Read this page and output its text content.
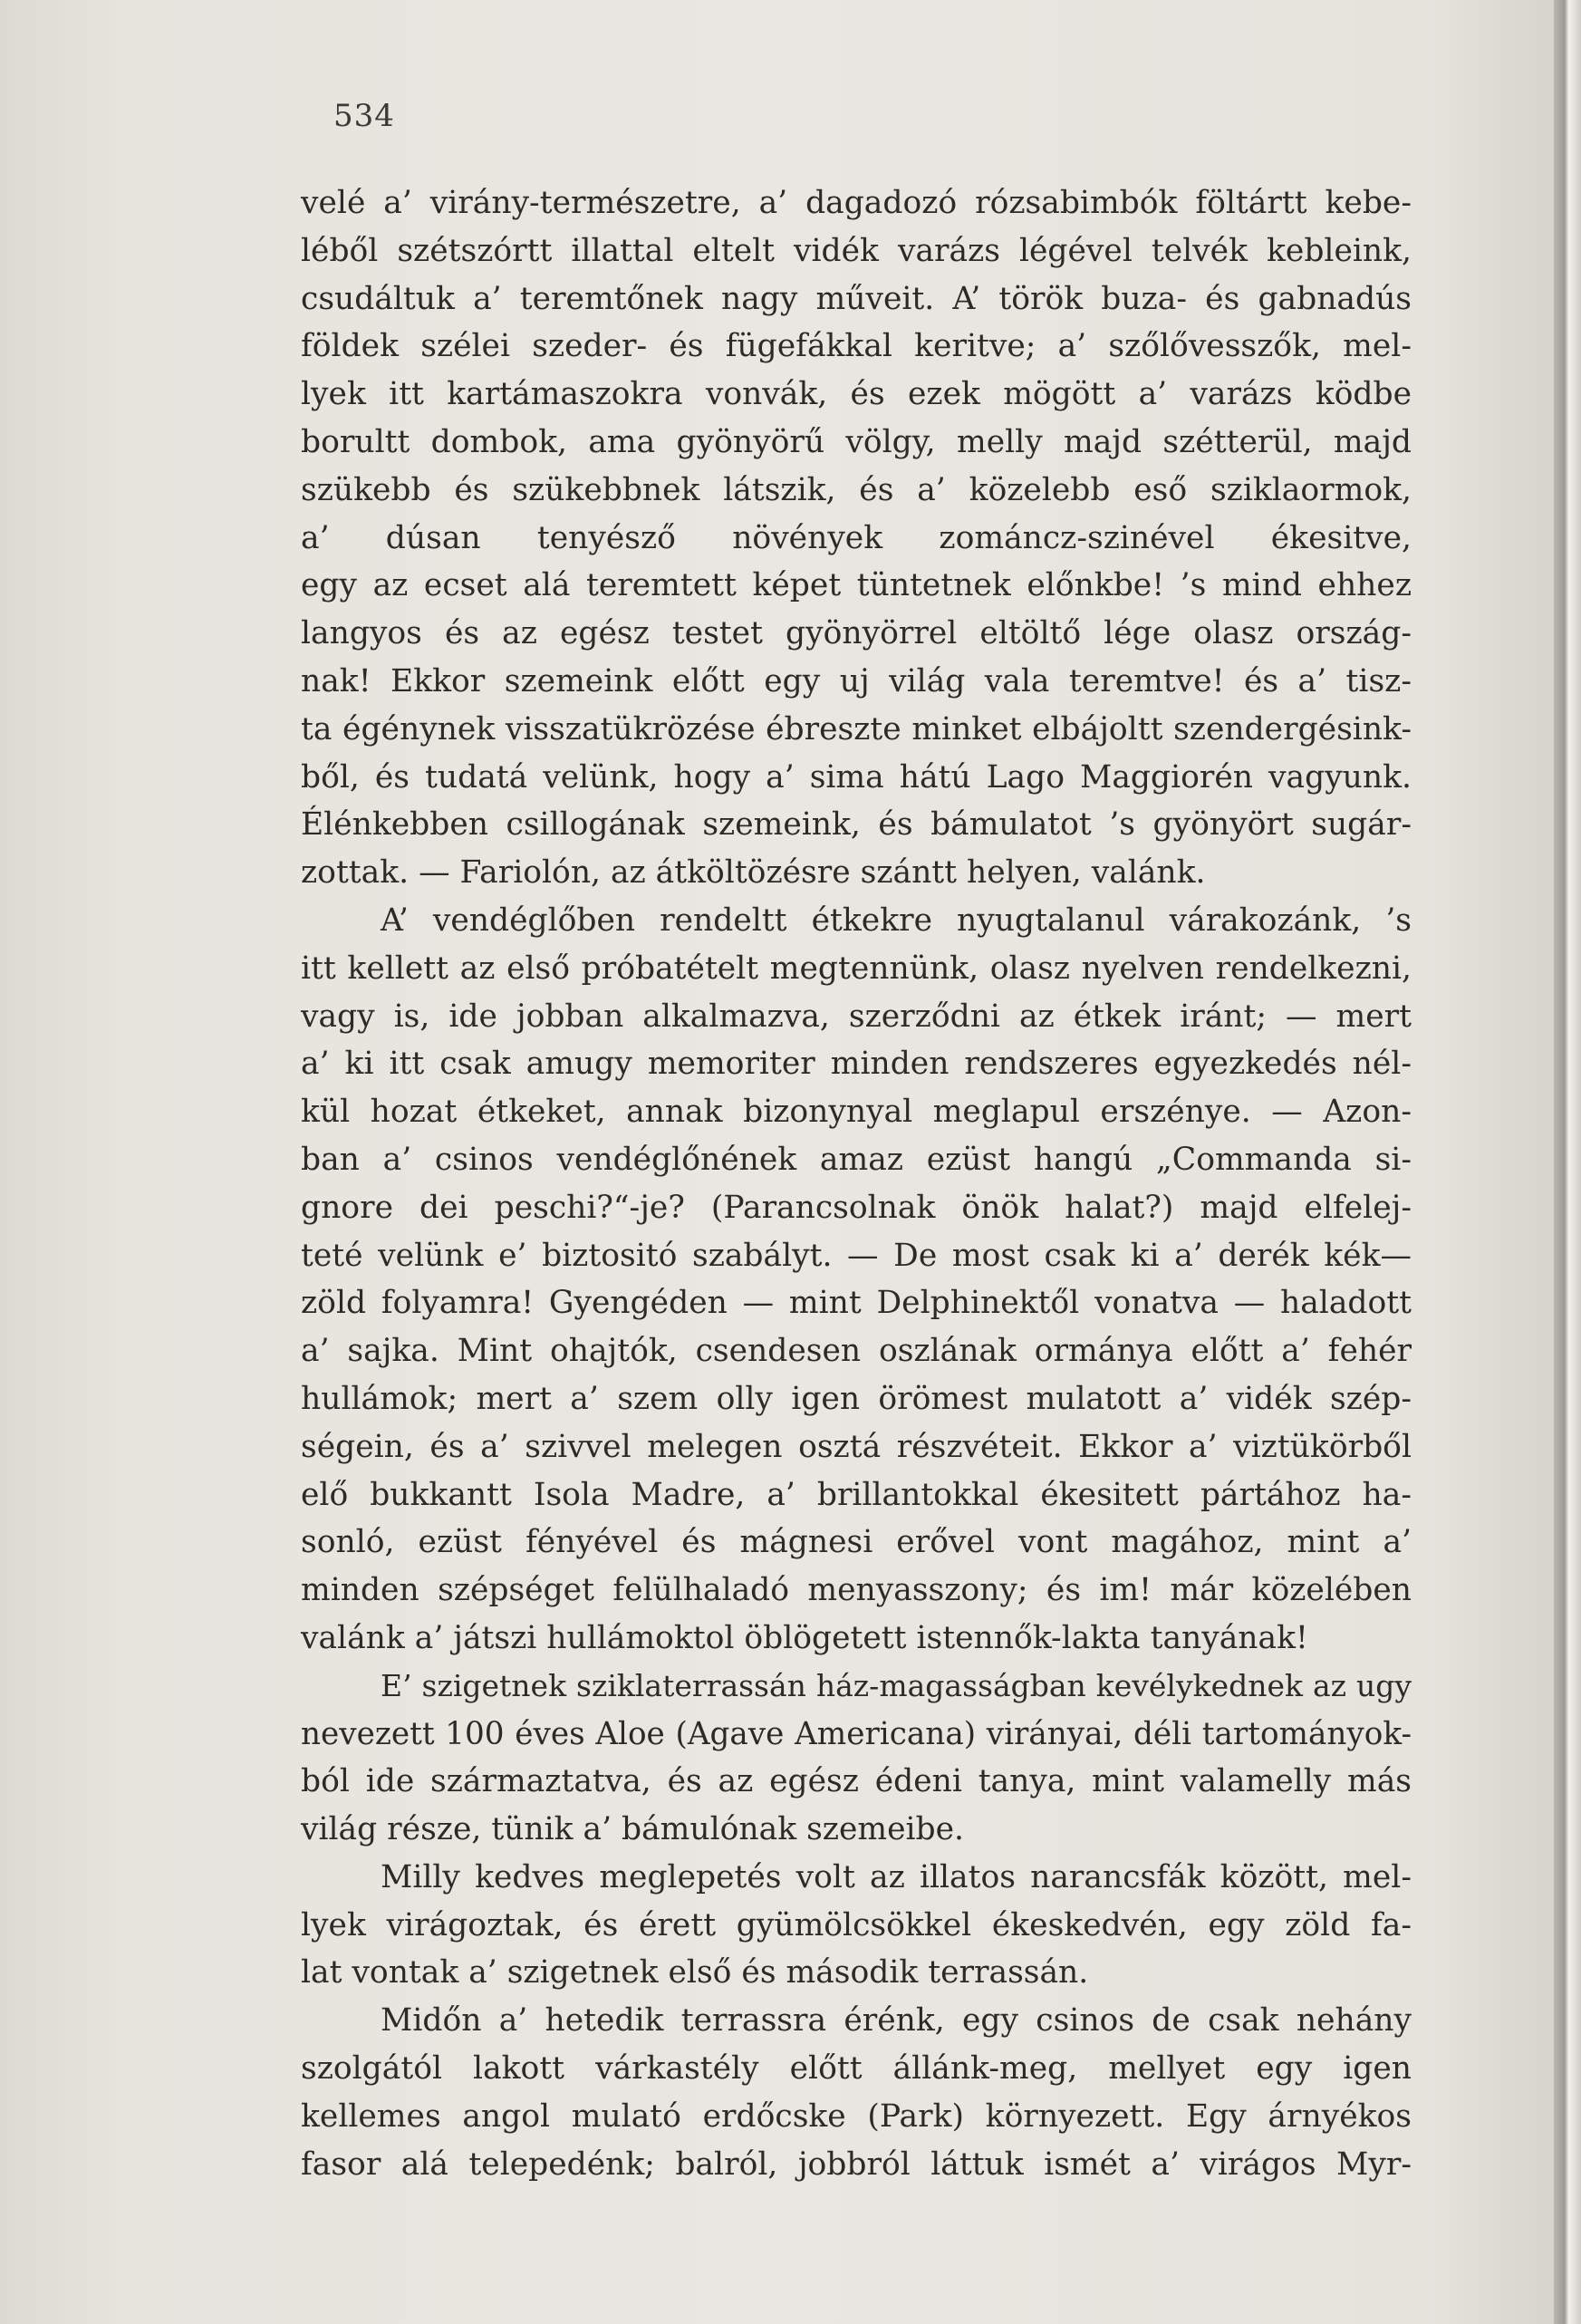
534
velé a’ virány-természetre, a’ dagadozó rózsabimbók föltártt kebe-
léből szétszórtt illattal eltelt vidék varázs légével telvék kebleink,
csudáltuk a’ teremtőnek nagy műveit. A’ török buza- és gabnadús
földek szélei szeder- és fügefákkal keritve; a’ szőlővesszők, mel-
lyek itt kartámaszokra vonvák, és ezek mögött a’ varázs ködbe
borultt dombok, ama gyönyörű völgy, melly majd szétterül, majd
szükebb és szükebbnek látszik, és a’ közelebb eső sziklaormok,
a’ dúsan tenyésző növények zománcz-szinével ékesitve,
egy az ecset alá teremtett képet tüntetnek előnkbe! ’s mind ehhez
langyos és az egész testet gyönyörrel eltöltő lége olasz ország-
nak! Ekkor szemeink előtt egy uj világ vala teremtve! és a’ tisz-
ta égénynek visszatükrözése ébreszte minket elbájoltt szendergésink-
ből, és tudatá velünk, hogy a’ sima hátú Lago Maggiorén vagyunk.
Élénkebben csillogának szemeink, és bámulatot ’s gyönyört sugár-
zottak. — Fariolón, az átköltözésre szántt helyen, valánk.
A’ vendéglőben rendeltt étkekre nyugtalanul várakozánk, ’s
itt kellett az első próbatételt megtennünk, olasz nyelven rendelkezni,
vagy is, ide jobban alkalmazva, szerződni az étkek iránt; — mert
a’ ki itt csak amugy memoriter minden rendszeres egyezkedés nél-
kül hozat étkeket, annak bizonynyal meglapul erszénye. — Azon-
ban a’ csinos vendéglőnének amaz ezüst hangú „Commanda si-
gnore dei peschi?“-je? (Parancsolnak önök halat?) majd elfelej-
teté velünk e’ biztositó szabályt. — De most csak ki a’ derék kék—
zöld folyamra! Gyengéden — mint Delphinektől vonatva — haladott
a’ sajka. Mint ohajtók, csendesen oszlának ormánya előtt a’ fehér
hullámok; mert a’ szem olly igen örömest mulatott a’ vidék szép-
ségein, és a’ szivvel melegen osztá részvéteit. Ekkor a’ viztükörből
elő bukkantt Isola Madre, a’ brillantokkal ékesitett pártához ha-
sonló, ezüst fényével és mágnesi erővel vont magához, mint a’
minden szépséget felülhaladó menyasszony; és im! már közelében
valánk a’ játszi hullámoktol öblögetett istennők-lakta tanyának!
E’ szigetnek sziklaterrassán ház-magasságban kevélykednek az ugy
nevezett 100 éves Aloe (Agave Americana) virányai, déli tartományok-
ból ide származtatva, és az egész édeni tanya, mint valamelly más
világ része, tünik a’ bámulónak szemeibe.
Milly kedves meglepetés volt az illatos narancsfák között, mel-
lyek virágoztak, és érett gyümölcsökkel ékeskedvén, egy zöld fa-
lat vontak a’ szigetnek első és második terrassán.
Midőn a’ hetedik terrassra érénk, egy csinos de csak nehány
szolgától lakott várkastély előtt állánk-meg, mellyet egy igen
kellemes angol mulató erdőcske (Park) környezett. Egy árnyékos
fasor alá telepedénk; balról, jobbról láttuk ismét a’ virágos Myr-
